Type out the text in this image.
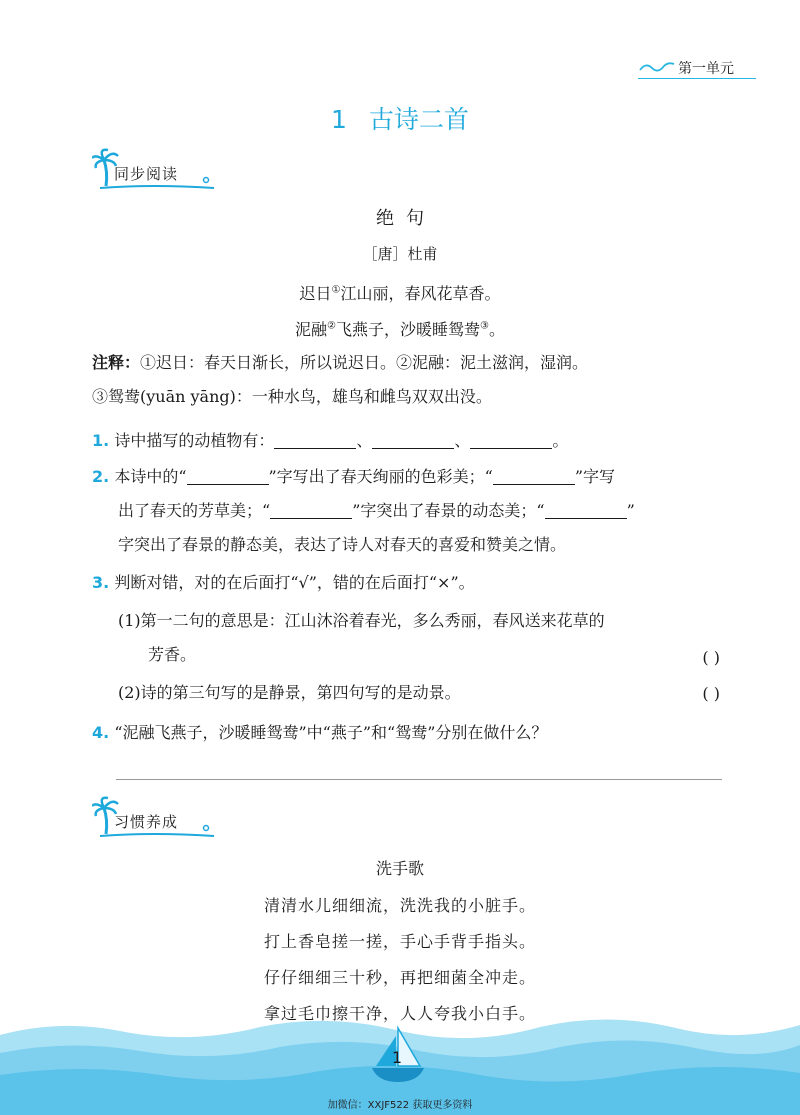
第一单元
1 古诗二首
同步阅读
绝句
［唐］杜甫
迟日①江山丽，春风花草香。
泥融②飞燕子，沙暖睡鸳鸯③。
注释：①迟日：春天日渐长，所以说迟日。②泥融：泥土滋润，湿润。
③鸳鸯(yuān yāng)：一种水鸟，雄鸟和雌鸟双双出没。
1. 诗中描写的动植物有：	、	、	。
2. 本诗中的“	”字写出了春天绚丽的色彩美；“	”字写
出了春天的芳草美；“	”字突出了春景的动态美；“	”
字突出了春景的静态美，表达了诗人对春天的喜爱和赞美之情。
3. 判断对错，对的在后面打“√”，错的在后面打“×”。
(1)第一二句的意思是：江山沐浴着春光，多么秀丽，春风送来花草的
芳香。	( )
(2)诗的第三句写的是静景，第四句写的是动景。	( )
4. “泥融飞燕子，沙暖睡鸳鸯”中“燕子”和“鸳鸯”分别在做什么？
习惯养成
洗手歌
清清水儿细细流，洗洗我的小脏手。
打上香皂搓一搓，手心手背手指头。
仔仔细细三十秒，再把细菌全冲走。
拿过毛巾擦干净，人人夸我小白手。
1
加微信：XXJF522 获取更多资料
